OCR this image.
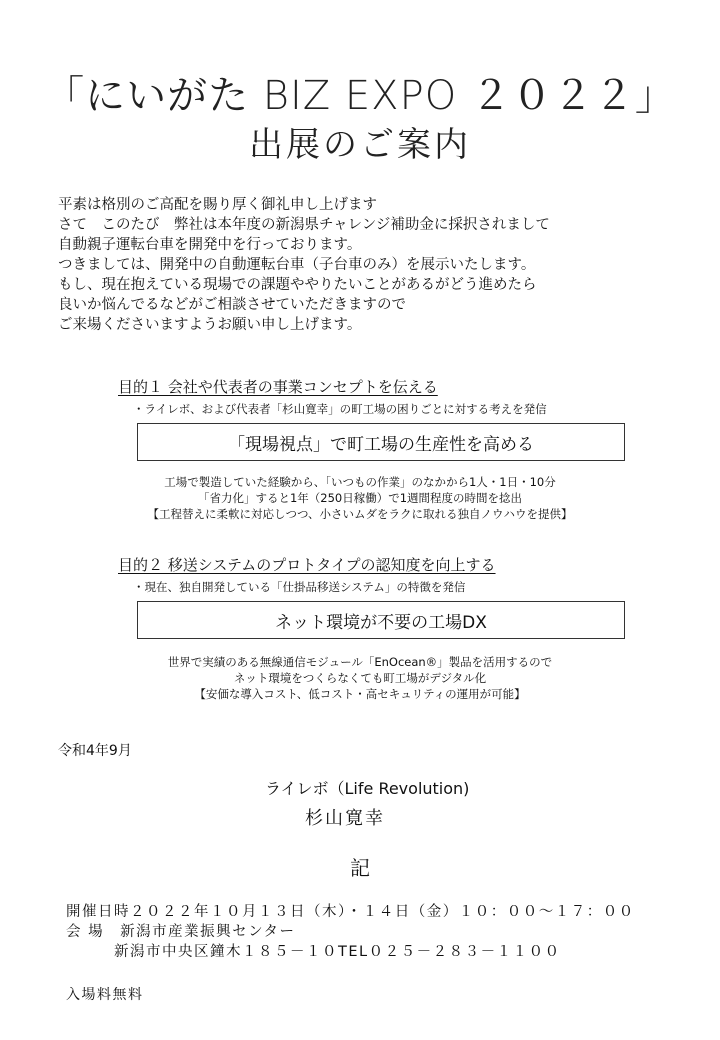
「にいがた BIZ EXPO ２０２２」
出展のご案内
平素は格別のご高配を賜り厚く御礼申し上げます
さて　このたび　弊社は本年度の新潟県チャレンジ補助金に採択されまして
自動親子運転台車を開発中を行っております。
つきましては、開発中の自動運転台車（子台車のみ）を展示いたします。
もし、現在抱えている現場での課題ややりたいことがあるがどう進めたら
良いか悩んでるなどがご相談させていただきますので
ご来場くださいますようお願い申し上げます。
目的１ 会社や代表者の事業コンセプトを伝える
・ライレボ、および代表者「杉山寛幸」の町工場の困りごとに対する考えを発信
「現場視点」で町工場の生産性を高める
工場で製造していた経験から、「いつもの作業」のなかから1人・1日・10分
「省力化」すると1年（250日稼働）で1週間程度の時間を捻出
【工程替えに柔軟に対応しつつ、小さいムダをラクに取れる独自ノウハウを提供】
目的２ 移送システムのプロトタイプの認知度を向上する
・現在、独自開発している「仕掛品移送システム」の特徴を発信
ネット環境が不要の工場DX
世界で実績のある無線通信モジュール「EnOcean®」製品を活用するので
ネット環境をつくらなくても町工場がデジタル化
【安価な導入コスト、低コスト・高セキュリティの運用が可能】
令和4年9月
ライレボ（Life Revolution)
杉山寛幸
記
開催日時２０２２年１０月１３日（木）・１４日（金）１０：００～１７：００
会 場　新潟市産業振興センター
　　　新潟市中央区鐘木１８５－１０TEL０２５－２８３－１１００
入場料無料
